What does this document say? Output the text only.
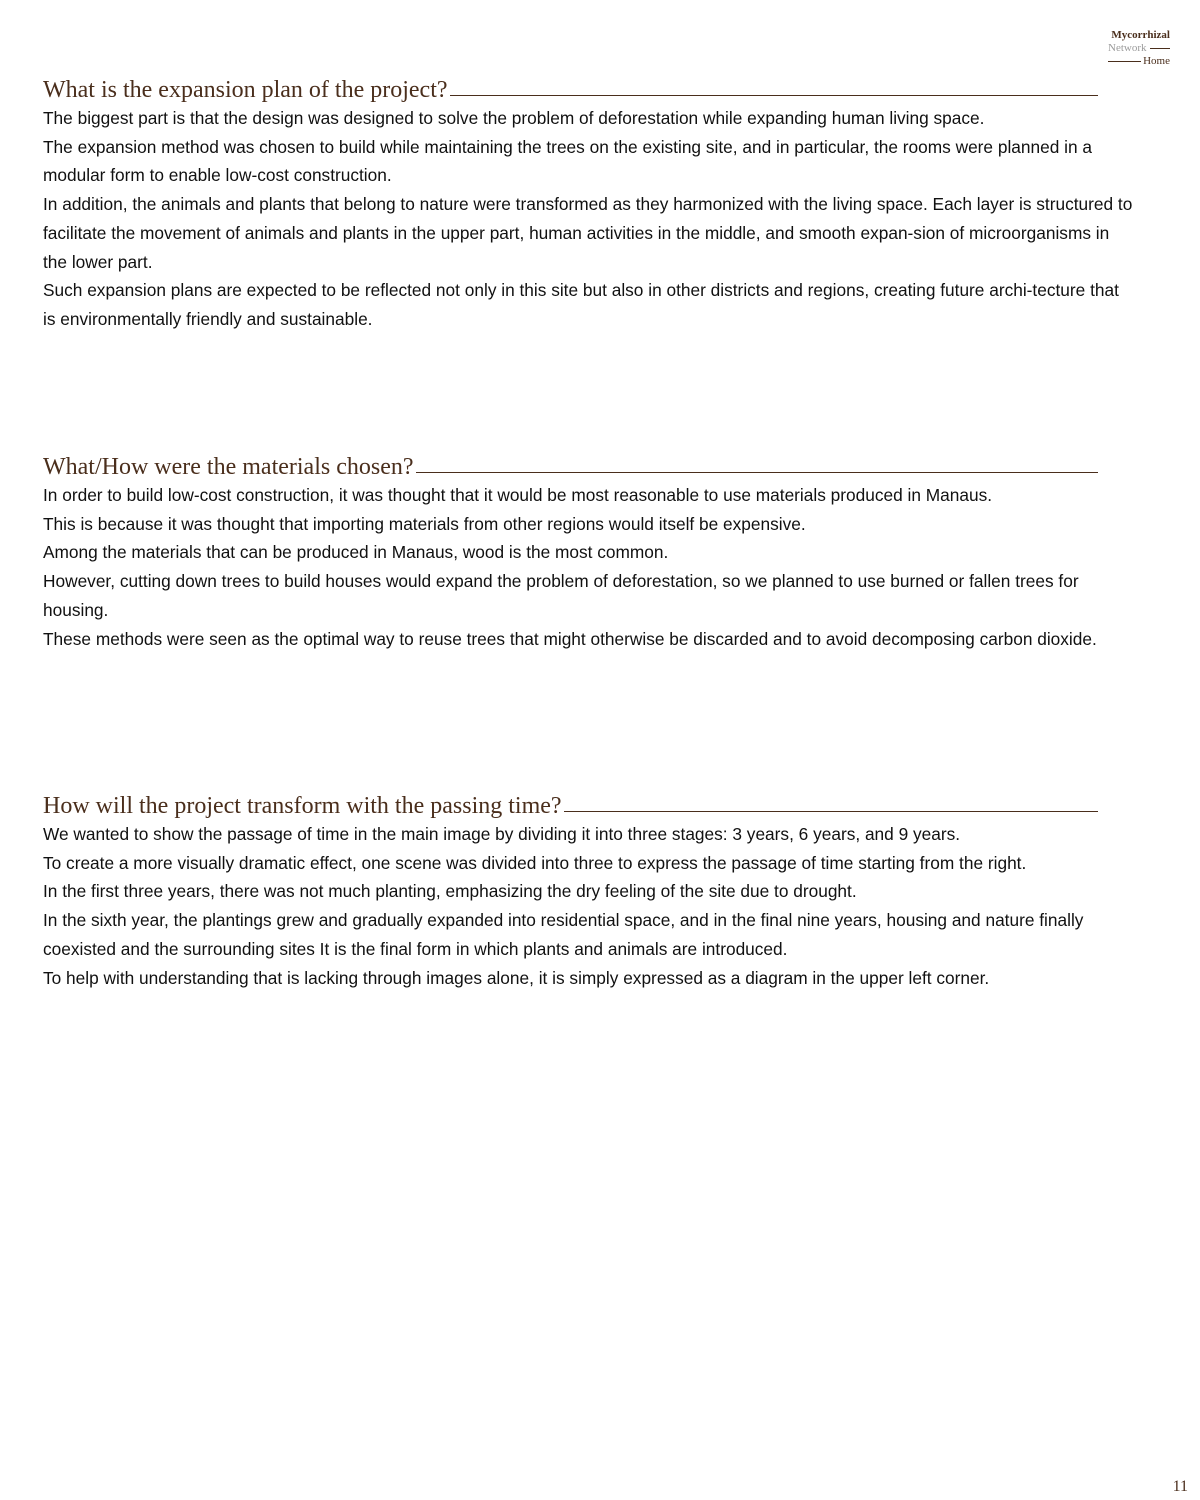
Mycorrhizal
Network
Home
What is the expansion plan of the project?

The biggest part is that the design was designed to solve the problem of deforestation while expanding human living space.

The expansion method was chosen to build while maintaining the trees on the existing site, and in particular, the rooms were planned in a modular form to enable low-cost construction.

In addition, the animals and plants that belong to nature were transformed as they harmonized with the living space. Each layer is structured to facilitate the movement of animals and plants in the upper part, human activities in the middle, and smooth expan-sion of microorganisms in the lower part.

Such expansion plans are expected to be reflected not only in this site but also in other districts and regions, creating future archi-tecture that is environmentally friendly and sustainable.

What/How were the materials chosen?

In order to build low-cost construction, it was thought that it would be most reasonable to use materials produced in Manaus.

This is because it was thought that importing materials from other regions would itself be expensive.

Among the materials that can be produced in Manaus, wood is the most common.

However, cutting down trees to build houses would expand the problem of deforestation, so we planned to use burned or fallen trees for housing.

These methods were seen as the optimal way to reuse trees that might otherwise be discarded and to avoid decomposing carbon dioxide.

How will the project transform with the passing time?

We wanted to show the passage of time in the main image by dividing it into three stages: 3 years, 6 years, and 9 years.

To create a more visually dramatic effect, one scene was divided into three to express the passage of time starting from the right.

In the first three years, there was not much planting, emphasizing the dry feeling of the site due to drought.

In the sixth year, the plantings grew and gradually expanded into residential space, and in the final nine years, housing and nature finally coexisted and the surrounding sites It is the final form in which plants and animals are introduced.

To help with understanding that is lacking through images alone, it is simply expressed as a diagram in the upper left corner.

11
